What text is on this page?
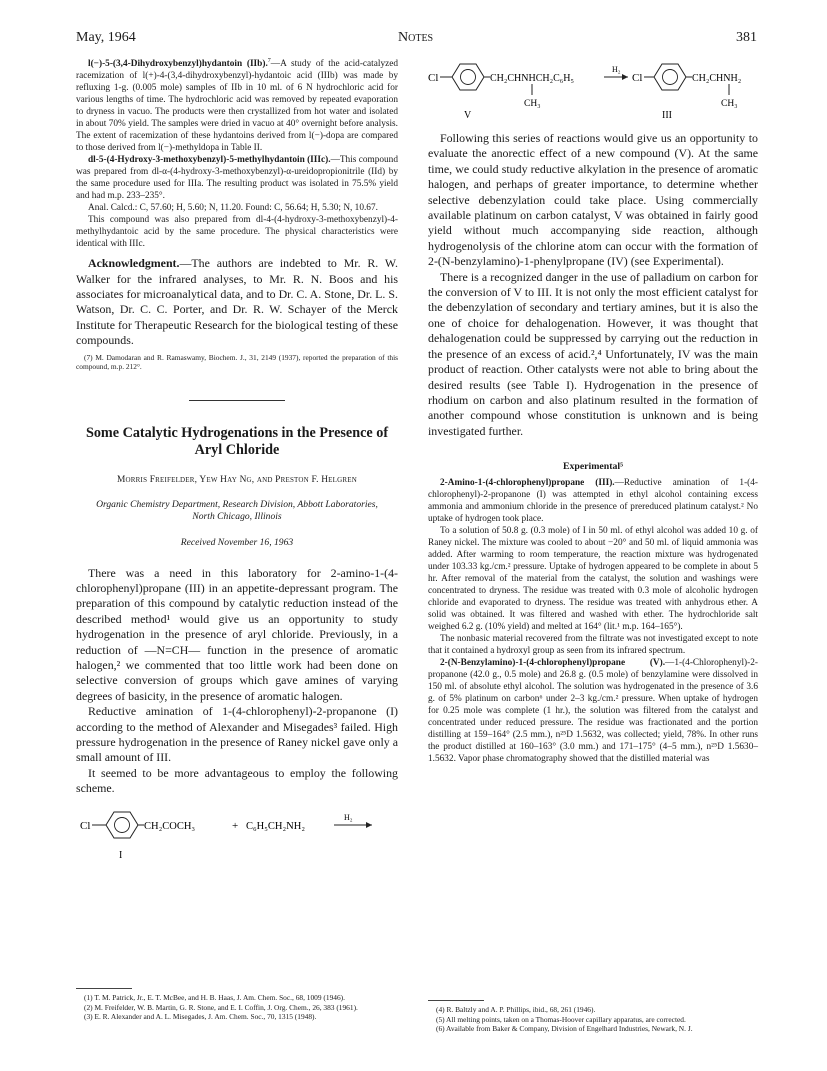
May, 1964	Notes	381

l(−)-5-(3,4-Dihydroxybenzyl)hydantoin (IIb).$^7$—A study of the acid-catalyzed racemization of l(+)-4-(3,4-dihydroxybenzyl)-hydantoic acid (IIIb) was made by refluxing 1-g. (0.005 mole) samples of IIb in 10 ml. of 6 N hydrochloric acid for various lengths of time. The hydrochloric acid was removed by repeated evaporation to dryness in vacuo. The products were then crystallized from hot water and isolated in about 70% yield. The samples were dried in vacuo at 40° overnight before analysis. The extent of racemization of these hydantoins derived from l(−)-dopa are compared to those derived from l(−)-methyldopa in Table II.

dl-5-(4-Hydroxy-3-methoxybenzyl)-5-methylhydantoin (IIIc).—This compound was prepared from dl-α-(4-hydroxy-3-methoxybenzyl)-α-ureidopropionitrile (IId) by the same procedure used for IIIa. The resulting product was isolated in 75.5% yield and had m.p. 233–235°.

Anal. Calcd.: C, 57.60; H, 5.60; N, 11.20. Found: C, 56.64; H, 5.30; N, 10.67.

This compound was also prepared from dl-4-(4-hydroxy-3-methoxybenzyl)-4-methylhydantoic acid by the same procedure. The physical characteristics were identical with IIIc.

Acknowledgment.—The authors are indebted to Mr. R. W. Walker for the infrared analyses, to Mr. R. N. Boos and his associates for microanalytical data, and to Dr. C. A. Stone, Dr. L. S. Watson, Dr. C. C. Porter, and Dr. R. W. Schayer of the Merck Institute for Therapeutic Research for the biological testing of these compounds.

(7) M. Damodaran and R. Ramaswamy, Biochem. J., 31, 2149 (1937), reported the preparation of this compound, m.p. 212°.

Some Catalytic Hydrogenations in the Presence of Aryl Chloride

Morris Freifelder, Yew Hay Ng, and Preston F. Helgren

Organic Chemistry Department, Research Division, Abbott Laboratories, North Chicago, Illinois

Received November 16, 1963

There was a need in this laboratory for 2-amino-1-(4-chlorophenyl)propane (III) in an appetite-depressant program. The preparation of this compound by catalytic reduction instead of the described method¹ would give us an opportunity to study hydrogenation in the presence of aryl chloride. Previously, in a reduction of —N=CH— function in the presence of aromatic halogen,² we commented that too little work had been done on selective conversion of groups which gave amines of varying degrees of basicity, in the presence of aromatic halogen.

Reductive amination of 1-(4-chlorophenyl)-2-propanone (I) according to the method of Alexander and Misegades³ failed. High pressure hydrogenation in the presence of Raney nickel gave only a small amount of III.

It seemed to be more advantageous to employ the following scheme.

Cl	CH₂COCH₃	+ C₆H₅CH₂NH₂
H₂
I

(1) T. M. Patrick, Jr., E. T. McBee, and H. B. Haas, J. Am. Chem. Soc., 68, 1009 (1946).

(2) M. Freifelder, W. B. Martin, G. R. Stone, and E. I. Coffin, J. Org. Chem., 26, 383 (1961).

(3) E. R. Alexander and A. L. Misegades, J. Am. Chem. Soc., 70, 1315 (1948).

Cl	CH₂CHNHCH₂C₆H₅
CH₃
H₂
Cl	CH₂CHNH₂
CH₃
V	III

Following this series of reactions would give us an opportunity to evaluate the anorectic effect of a new compound (V). At the same time, we could study reductive alkylation in the presence of aromatic halogen, and perhaps of greater importance, to determine whether selective debenzylation could take place. Using commercially available platinum on carbon catalyst, V was obtained in fairly good yield without much accompanying side reaction, although hydrogenolysis of the chlorine atom can occur with the formation of 2-(N-benzylamino)-1-phenylpropane (IV) (see Experimental).

There is a recognized danger in the use of palladium on carbon for the conversion of V to III. It is not only the most efficient catalyst for the debenzylation of secondary and tertiary amines, but it is also the one of choice for dehalogenation. However, it was thought that dehalogenation could be suppressed by carrying out the reduction in the presence of an excess of acid.²,⁴ Unfortunately, IV was the main product of reaction. Other catalysts were not able to bring about the desired results (see Table I). Hydrogenation in the presence of rhodium on carbon and also platinum resulted in the formation of another compound whose constitution is unknown and is being investigated further.

Experimental⁵

2-Amino-1-(4-chlorophenyl)propane (III).—Reductive amination of 1-(4-chlorophenyl)-2-propanone (I) was attempted in ethyl alcohol containing excess ammonia and ammonium chloride in the presence of prereduced platinum catalyst.² No uptake of hydrogen took place.

To a solution of 50.8 g. (0.3 mole) of I in 50 ml. of ethyl alcohol was added 10 g. of Raney nickel. The mixture was cooled to about −20° and 50 ml. of liquid ammonia was added. After warming to room temperature, the reaction mixture was hydrogenated under 103.33 kg./cm.² pressure. Uptake of hydrogen appeared to be complete in about 5 hr. After removal of the material from the catalyst, the solution and washings were concentrated to dryness. The residue was treated with 0.3 mole of alcoholic hydrogen chloride and evaporated to dryness. The residue was treated with anhydrous ether. A solid was obtained. It was filtered and washed with ether. The hydrochloride salt weighed 6.2 g. (10% yield) and melted at 164° (lit.¹ m.p. 164–165°).

The nonbasic material recovered from the filtrate was not investigated except to note that it contained a hydroxyl group as seen from its infrared spectrum.

2-(N-Benzylamino)-1-(4-chlorophenyl)propane (V).—1-(4-Chlorophenyl)-2-propanone (42.0 g., 0.5 mole) and 26.8 g. (0.5 mole) of benzylamine were dissolved in 150 ml. of absolute ethyl alcohol. The solution was hydrogenated in the presence of 3.6 g. of 5% platinum on carbon⁶ under 2–3 kg./cm.² pressure. When uptake of hydrogen for 0.25 mole was complete (1 hr.), the solution was filtered from the catalyst and concentrated under reduced pressure. The residue was fractionated and the portion distilling at 159–164° (2.5 mm.), n²⁵D 1.5632, was collected; yield, 78%. In other runs the product distilled at 160–163° (3.0 mm.) and 171–175° (4–5 mm.), n²⁵D 1.5630–1.5632. Vapor phase chromatography showed that the distilled material was

(4) R. Baltzly and A. P. Phillips, ibid., 68, 261 (1946).

(5) All melting points, taken on a Thomas-Hoover capillary apparatus, are corrected.

(6) Available from Baker & Company, Division of Engelhard Industries, Newark, N. J.
